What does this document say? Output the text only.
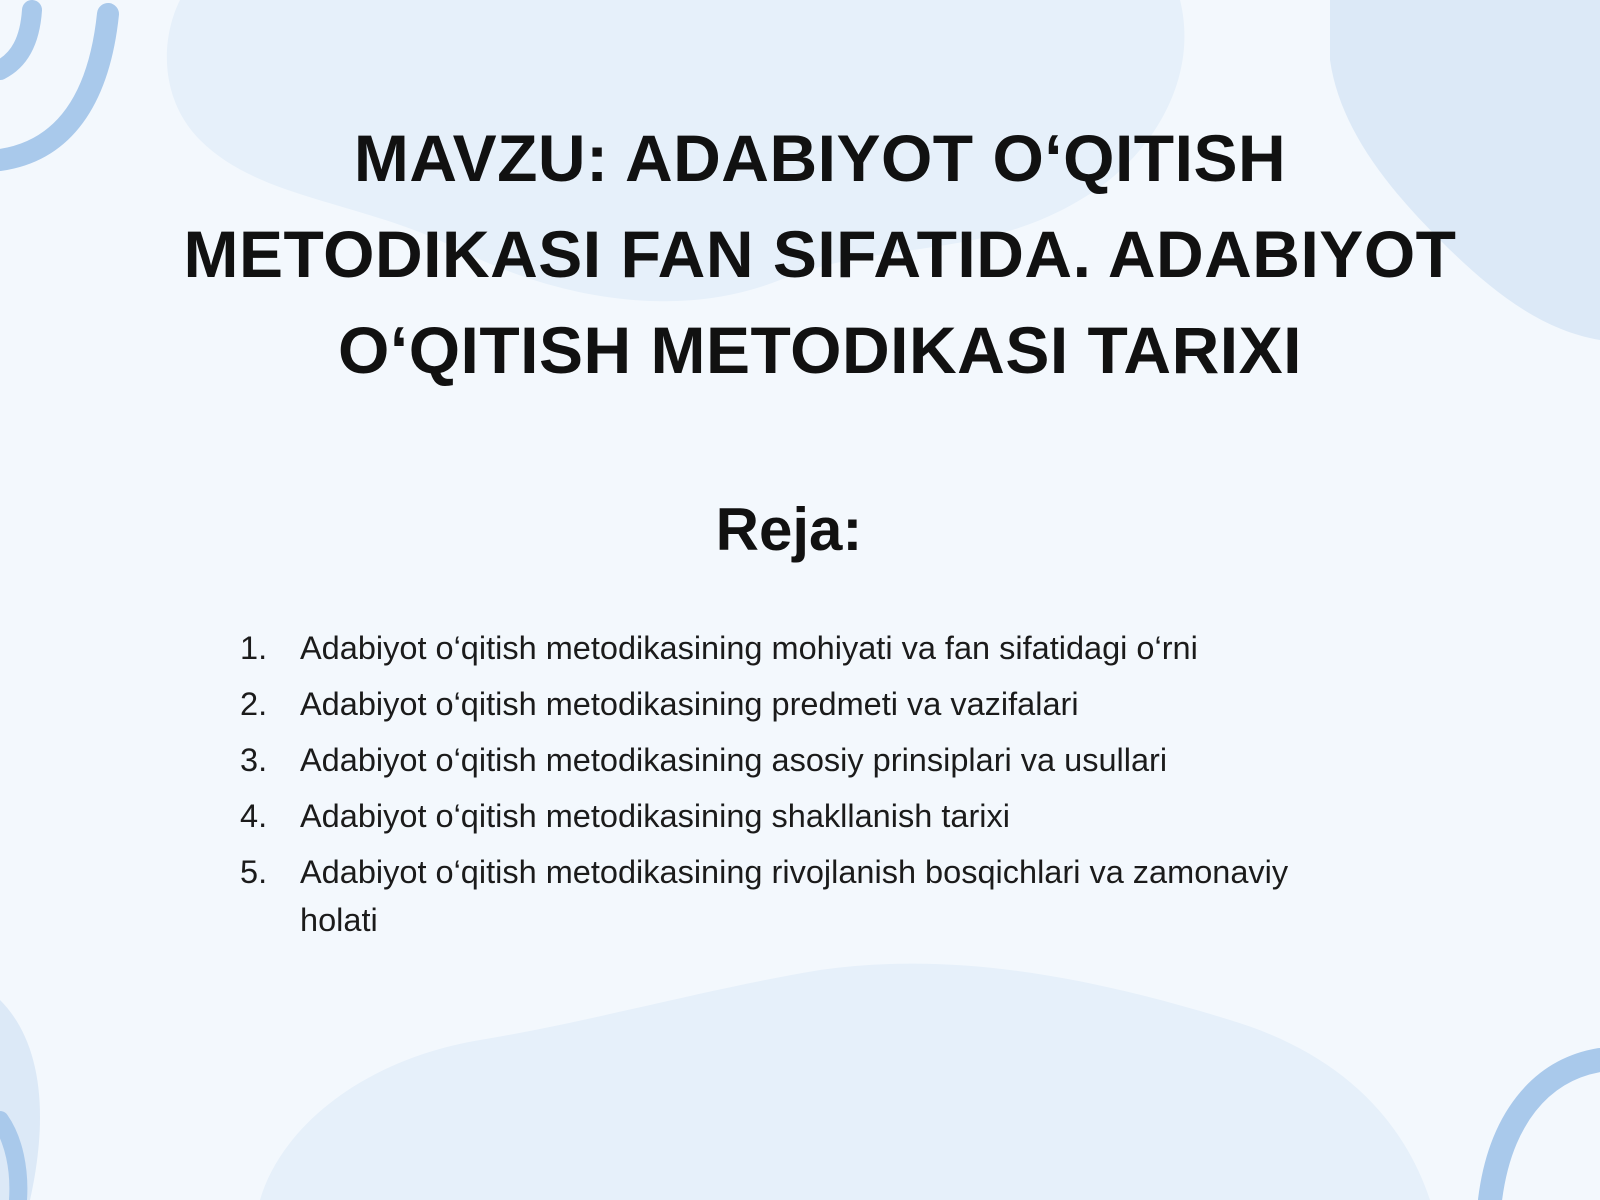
MAVZU: ADABIYOT O‘QITISH METODIKASI FAN SIFATIDA. ADABIYOT O‘QITISH METODIKASI TARIXI
Reja:
1.	Adabiyot o‘qitish metodikasining mohiyati va fan sifatidagi o‘rni
2.	Adabiyot o‘qitish metodikasining predmeti va vazifalari
3.	Adabiyot o‘qitish metodikasining asosiy prinsiplari va usullari
4.	Adabiyot o‘qitish metodikasining shakllanish tarixi
5.	Adabiyot o‘qitish metodikasining rivojlanish bosqichlari va zamonaviy holati
